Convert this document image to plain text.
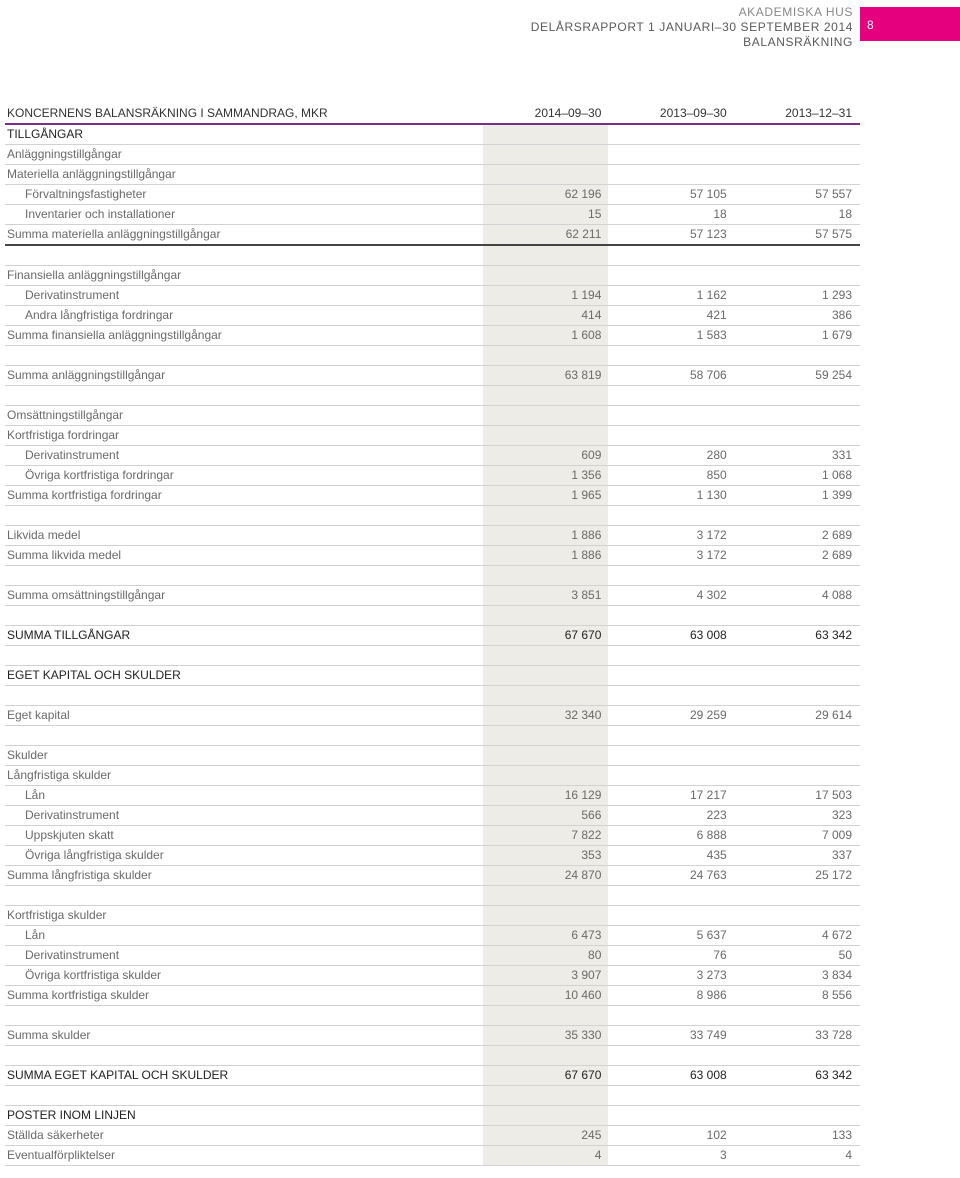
AKADEMISKA HUS
DELÅRSRAPPORT 1 JANUARI–30 SEPTEMBER 2014
BALANSRÄKNING
8
KONCERNENS BALANSRÄKNING I SAMMANDRAG, MKR	2014–09–30	2013–09–30	2013–12–31
TILLGÅNGAR			
Anläggningstillgångar			
Materiella anläggningstillgångar			
Förvaltningsfastigheter	62 196	57 105	57 557
Inventarier och installationer	15	18	18
Summa materiella anläggningstillgångar	62 211	57 123	57 575

Finansiella anläggningstillgångar			
Derivatinstrument	1 194	1 162	1 293
Andra långfristiga fordringar	414	421	386
Summa finansiella anläggningstillgångar	1 608	1 583	1 679

Summa anläggningstillgångar	63 819	58 706	59 254

Omsättningstillgångar			
Kortfristiga fordringar			
Derivatinstrument	609	280	331
Övriga kortfristiga fordringar	1 356	850	1 068
Summa kortfristiga fordringar	1 965	1 130	1 399

Likvida medel	1 886	3 172	2 689
Summa likvida medel	1 886	3 172	2 689

Summa omsättningstillgångar	3 851	4 302	4 088

SUMMA TILLGÅNGAR	67 670	63 008	63 342

EGET KAPITAL OCH SKULDER			

Eget kapital	32 340	29 259	29 614

Skulder			
Långfristiga skulder			
Lån	16 129	17 217	17 503
Derivatinstrument	566	223	323
Uppskjuten skatt	7 822	6 888	7 009
Övriga långfristiga skulder	353	435	337
Summa långfristiga skulder	24 870	24 763	25 172

Kortfristiga skulder			
Lån	6 473	5 637	4 672
Derivatinstrument	80	76	50
Övriga kortfristiga skulder	3 907	3 273	3 834
Summa kortfristiga skulder	10 460	8 986	8 556

Summa skulder	35 330	33 749	33 728

SUMMA EGET KAPITAL OCH SKULDER	67 670	63 008	63 342

POSTER INOM LINJEN			
Ställda säkerheter	245	102	133
Eventualförpliktelser	4	3	4
